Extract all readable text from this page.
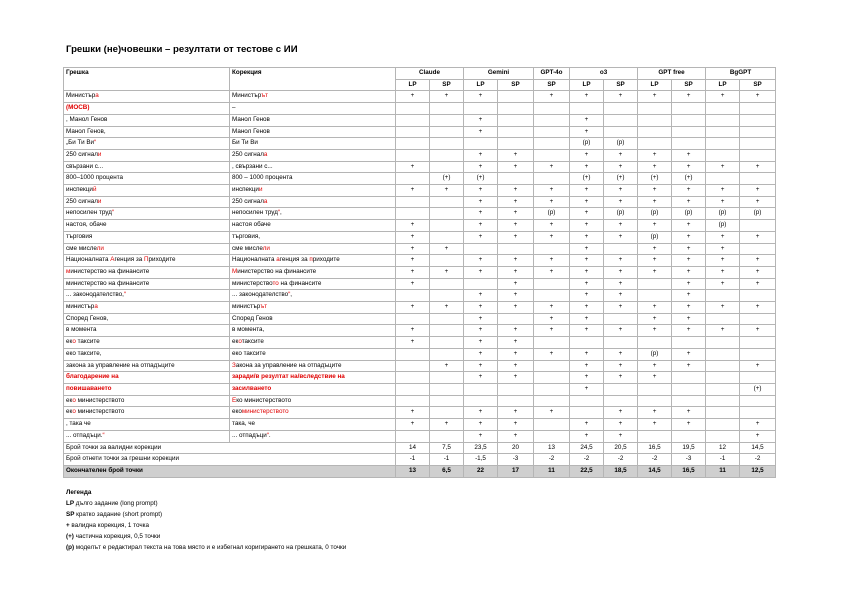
Грешки (не)човешки – резултати от тестове с ИИ
Грешка	Корекция	Claude		Gemini		GPT-4o	o3		GPT free		BgGPT	
		LP	SP	LP	SP	SP	LP	SP	LP	SP	LP	SP
Министъра	Министърът	+	+	+		+	+	+	+	+	+	+
(МОСВ)	–											
, Манол Генов	Манол Генов			+			+					
Манол Генов,	Манол Генов			+			+					
„Би Ти Ви“	Би Ти Ви						(р)	(р)				
250 сигнали	250 сигнала			+	+		+	+	+	+		
свързани с...	, свързани с...	+		+	+	+	+	+	+	+	+	+
800–1000 процента	800 – 1000 процента		(+)	(+)			(+)	(+)	(+)	(+)		
инспекций	инспекции	+	+	+	+	+	+	+	+	+	+	+
250 сигнали	250 сигнала			+	+	+	+	+	+	+	+	+
непосилен труд“	непосилен труд“,			+	+	(р)	+	(р)	(р)	(р)	(р)	(р)
настоя, обаче	настоя обаче	+		+	+	+	+	+	+	+	(р)	
търговия	търговия,	+		+	+	+	+	+	(р)	+	+	+
сме мислели	сме мислели	+	+				+		+	+	+	
Националната Агенция за Приходите	Националната агенция за приходите	+		+	+	+	+	+	+	+	+	+
министерство на финансите	Министерство на финансите	+	+	+	+	+	+	+	+	+	+	+
министерство на финансите	министерството на финансите	+			+		+	+		+	+	+
... законодателство,“	... законодателство“,			+	+		+	+		+		
министъра	министърът	+	+	+	+	+	+	+	+	+	+	+
Според Генов,	Според Генов			+		+	+		+	+		
в момента	в момента,	+		+	+	+	+	+	+	+	+	+
еко таксите	екотаксите	+		+	+							
еко таксите,	еко таксите			+	+	+	+	+	(р)	+		
закона за управление на отпадъците	Закона за управление на отпадъците		+	+	+		+	+	+	+		+
благодарение на	заради/в резултат на/вследствие на			+	+		+	+	+			
повишаването	засилването						+					(+)
еко министерството	Еко министерството											
еко министерството	екоминистерството	+		+	+	+		+	+	+		
, така че	така, че	+	+	+	+		+	+	+	+		+
... отпадъци.“	... отпадъци“.			+	+		+	+				+
Брой точки за валидни корекции		14	7,5	23,5	20	13	24,5	20,5	16,5	19,5	12	14,5
Брой отнети точки за грешни корекции		-1	-1	-1,5	-3	-2	-2	-2	-2	-3	-1	-2
Окончателен брой точки		13	6,5	22	17	11	22,5	18,5	14,5	16,5	11	12,5
Легенда
LP дълго задание (long prompt)
SP кратко задание (short prompt)
+ валидна корекция, 1 точка
(+) частична корекция, 0,5 точки
(р) моделът е редактирал текста на това място и е избегнал коригирането на грешката, 0 точки
